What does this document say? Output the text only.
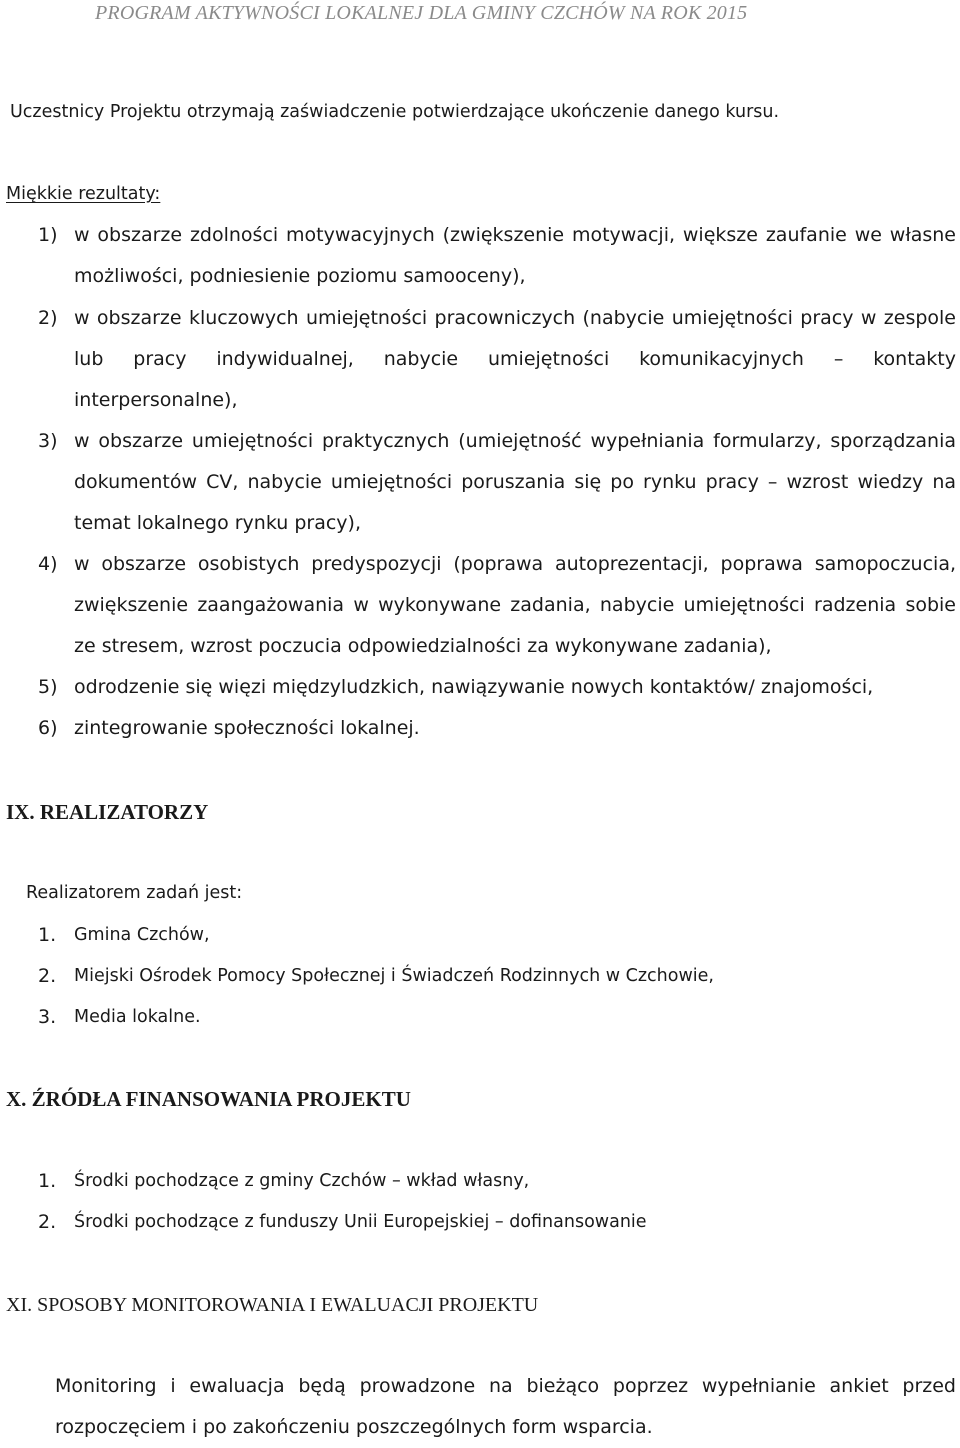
PROGRAM AKTYWNOŚCI LOKALNEJ DLA GMINY CZCHÓW NA ROK 2015
Uczestnicy Projektu otrzymają zaświadczenie potwierdzające ukończenie danego kursu.
Miękkie rezultaty:
1) w obszarze zdolności motywacyjnych (zwiększenie motywacji, większe zaufanie we własne
możliwości, podniesienie poziomu samooceny),
2) w obszarze kluczowych umiejętności pracowniczych (nabycie umiejętności pracy w zespole
lub pracy indywidualnej, nabycie umiejętności komunikacyjnych – kontakty
interpersonalne),
3) w obszarze umiejętności praktycznych (umiejętność wypełniania formularzy, sporządzania
dokumentów CV, nabycie umiejętności poruszania się po rynku pracy – wzrost wiedzy na
temat lokalnego rynku pracy),
4) w obszarze osobistych predyspozycji (poprawa autoprezentacji, poprawa samopoczucia,
zwiększenie zaangażowania w wykonywane zadania, nabycie umiejętności radzenia sobie
ze stresem, wzrost poczucia odpowiedzialności za wykonywane zadania),
5) odrodzenie się więzi międzyludzkich, nawiązywanie nowych kontaktów/ znajomości,
6) zintegrowanie społeczności lokalnej.
IX. REALIZATORZY
Realizatorem zadań jest:
1. Gmina Czchów,
2. Miejski Ośrodek Pomocy Społecznej i Świadczeń Rodzinnych w Czchowie,
3. Media lokalne.
X. ŹRÓDŁA FINANSOWANIA PROJEKTU
1. Środki pochodzące z gminy Czchów – wkład własny,
2. Środki pochodzące z funduszy Unii Europejskiej – dofinansowanie
XI. SPOSOBY MONITOROWANIA I EWALUACJI PROJEKTU
Monitoring i ewaluacja będą prowadzone na bieżąco poprzez wypełnianie ankiet przed
rozpoczęciem i po zakończeniu poszczególnych form wsparcia.
